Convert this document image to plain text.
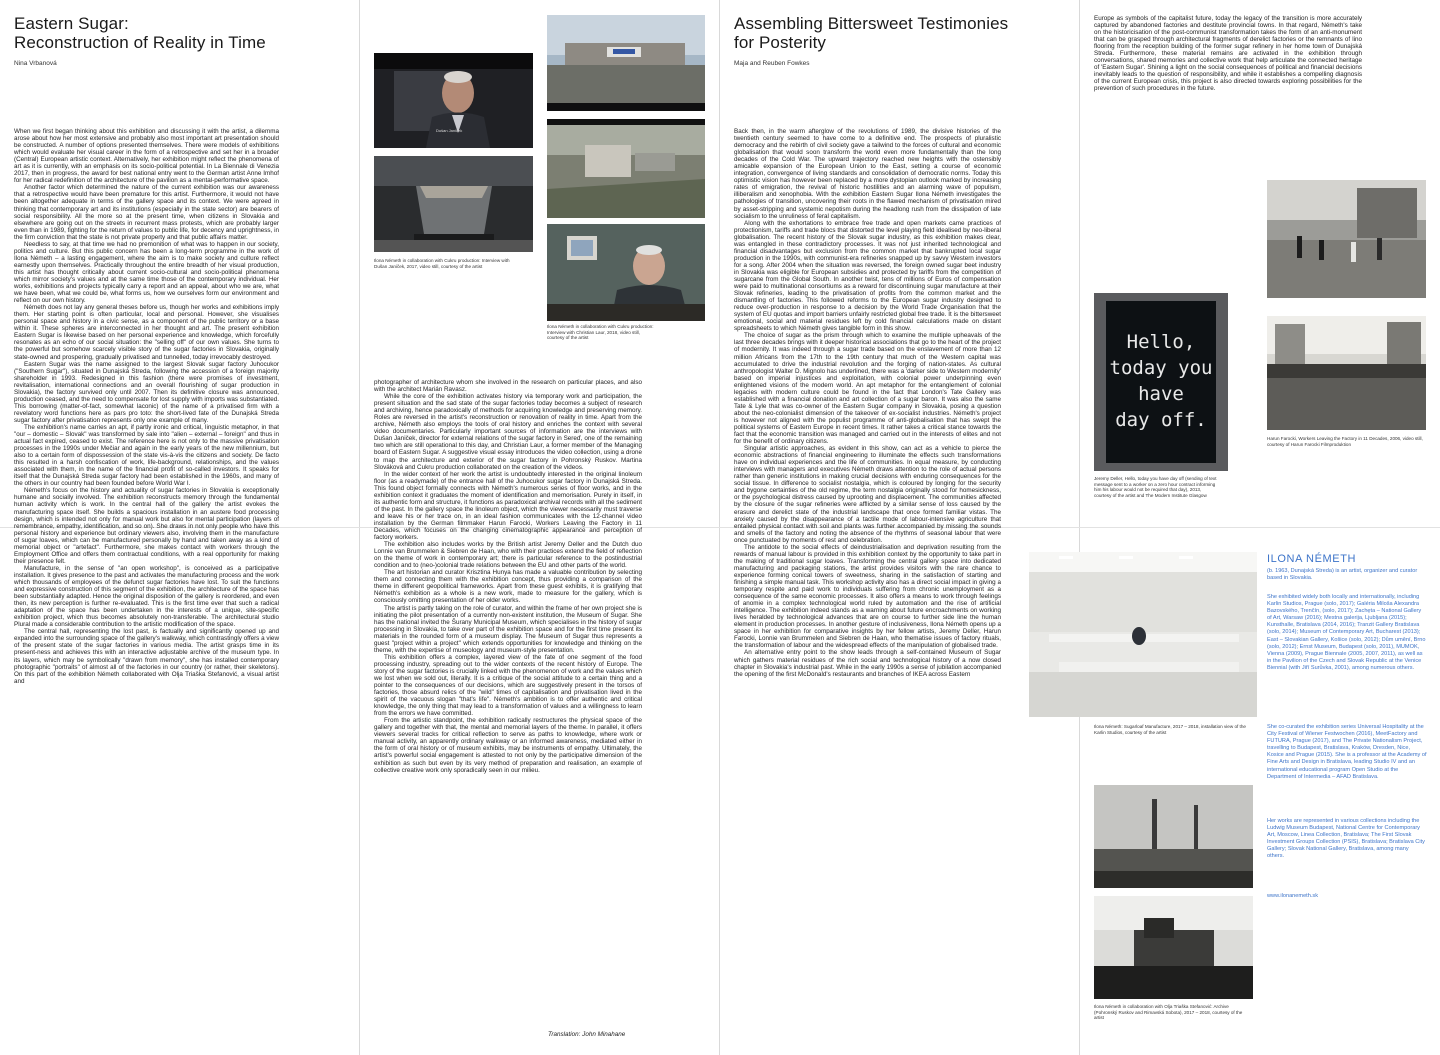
Eastern Sugar:
Reconstruction of Reality in Time
Nina Vrbanová

When we first began thinking about this exhibition and discussing it with the artist, a dilemma arose about how her most extensive and probably also most important art presentation should be constructed. A number of options presented themselves. There were models of exhibitions which would evaluate her visual career in the form of a retrospective and set her in a broader (Central) European artistic context. Alternatively, her exhibition might reflect the phenomena of art as it is currently, with an emphasis on its socio-political potential. In La Biennale di Venezia 2017, then in progress, the award for best national entry went to the German artist Anne Imhof for her radical redefinition of the architecture of the pavilion as a mental-performative space.

Another factor which determined the nature of the current exhibition was our awareness that a retrospective would have been premature for this artist. Furthermore, it would not have been altogether adequate in terms of the gallery space and its context. We were agreed in thinking that contemporary art and its institutions (especially in the state sector) are bearers of social responsibility. All the more so at the present time, when citizens in Slovakia and elsewhere are going out on the streets in recurrent mass protests, which are probably larger even than in 1989, fighting for the return of values to public life, for decency and uprightness, in the firm conviction that the state is not private property and that public affairs matter.

Needless to say, at that time we had no premonition of what was to happen in our society, politics and culture. But this public concern has been a long-term programme in the work of Ilona Németh – a lasting engagement, where the aim is to make society and culture reflect earnestly upon themselves. Practically throughout the entire breadth of her visual production, this artist has thought critically about current socio-cultural and socio-political phenomena which mirror society's values and at the same time those of the contemporary individual. Her works, exhibitions and projects typically carry a report and an appeal, about who we are, what we have been, what we could be, what forms us, how we ourselves form our environment and reflect on our own history.

Németh does not lay any general theses before us, though her works and exhibitions imply them. Her starting point is often particular, local and personal. However, she visualises personal space and history in a civic sense, as a component of the public territory or a base within it. These spheres are interconnected in her thought and art. The present exhibition Eastern Sugar is likewise based on her personal experience and knowledge, which forcefully resonates as an echo of our social situation: the "selling off" of our own values. She turns to the powerful but somehow scarcely visible story of the sugar factories in Slovakia, originally state-owned and prospering, gradually privatised and tunnelled, today irrevocably destroyed.

Eastern Sugar was the name assigned to the largest Slovak sugar factory Juhocukor ("Southern Sugar"), situated in Dunajská Streda, following the accession of a foreign majority shareholder in 1993. Redesigned in this fashion (there were promises of investment, revitalisation, international connections and an overall flourishing of sugar production in Slovakia), the factory survived only until 2007. Then its definitive closure was announced, production ceased, and the need to compensate for lost supply with imports was substantiated. This borrowing (matter-of-fact, somewhat laconic) of the name of a privatised firm with a revelatory word functions here as pars pro toto: the short-lived fate of the Dunajská Streda sugar factory after privatisation represents only one example of many.

The exhibition's name carries an apt, if partly ironic and critical, linguistic metaphor, in that "our – domestic – Slovak" was transformed by sale into "alien – external – foreign" and thus in actual fact expired, ceased to exist. The reference here is not only to the massive privatisation processes in the 1990s under Mečiar and again in the early years of the new millennium, but also to a certain form of dispossession of the state vis-à-vis the citizens and society. De facto this resulted in a harsh confiscation of work, life-background, relationships, and the values associated with them, in the name of the financial profit of so-called investors. It speaks for itself that the Dunajská Streda sugar factory had been established in the 1960s, and many of the others in our country had been founded before World War I.

Németh's focus on the history and actuality of sugar factories in Slovakia is exceptionally humane and socially involved. The exhibition reconstructs memory through the fundamental human activity which is work. In the central hall of the gallery the artist evokes the manufacturing space itself. She builds a spacious installation in an austere food processing design, which is intended not only for manual work but also for mental participation (layers of remembrance, empathy, identification, and so on). She draws in not only people who have this personal history and experience but ordinary viewers also, involving them in the manufacture of sugar loaves, which can be manufactured personally by hand and taken away as a kind of memorial object or "artefact". Furthermore, she makes contact with workers through the Employment Office and offers them contractual conditions, with a real opportunity for making their presence felt.

Manufacture, in the sense of "an open workshop", is conceived as a participative installation. It gives presence to the past and activates the manufacturing process and the work which thousands of employees of the defunct sugar factories have lost. To suit the functions and expressive construction of this segment of the exhibition, the architecture of the space has been substantially adapted. Hence the original disposition of the gallery is reordered, and even then, its new perception is further re-evaluated. This is the first time ever that such a radical adaptation of the space has been undertaken in the interests of a unique, site-specific exhibition project, which thus becomes absolutely non-transferable. The architectural studio Plural made a considerable contribution to the artistic modification of the space.

The central hall, representing the lost past, is factually and significantly opened up and expanded into the surrounding space of the gallery's walkway, which contrastingly offers a view of the present state of the sugar factories in various media. The artist grasps time in its present-ness and achieves this with an interactive adjustable archive of the museum type. In its layers, which may be symbolically "drawn from memory", she has installed contemporary photographic "portraits" of almost all of the factories in our country (or rather, their skeletons). On this part of the exhibition Németh collaborated with Olja Triaška Stefanović, a visual artist and

Dušan Janiček
Ilona Németh in collaboration with Cukru production: Interview with Dušan Janiček, 2017, video still, courtesy of the artist
Ilona Németh in collaboration with Cukru production: Interview with Christian Laur, 2018, video still, courtesy of the artist

photographer of architecture whom she involved in the research on particular places, and also with the architect Marián Ravasz.

While the core of the exhibition activates history via temporary work and participation, the present situation and the sad state of the sugar factories today becomes a subject of research and archiving, hence paradoxically of methods for acquiring knowledge and preserving memory. Roles are reversed in the artist's reconstruction or renovation of reality in time. Apart from the archive, Németh also employs the tools of oral history and enriches the context with several video documentaries. Particularly important sources of information are the interviews with Dušan Janiček, director for external relations of the sugar factory in Sereď, one of the remaining two which are still operational to this day, and Christian Laur, a former member of the Managing board of Eastern Sugar. A suggestive visual essay introduces the video collection, using a drone to map the architecture and exterior of the sugar factory in Pohronský Ruskov. Martina Slováková and Cukru production collaborated on the creation of the videos.

In the wider context of her work the artist is undoubtedly interested in the original linoleum floor (as a readymade) of the entrance hall of the Juhocukor sugar factory in Dunajská Streda. This found object formally connects with Németh's numerous series of floor works, and in the exhibition context it graduates the moment of identification and memorisation. Purely in itself, in its authentic form and structure, it functions as paradoxical archival records with all the sediment of the past. In the gallery space the linoleum object, which the viewer necessarily must traverse and leave his or her trace on, in an ideal fashion communicates with the 12-channel video installation by the German filmmaker Harun Farocki, Workers Leaving the Factory in 11 Decades, which focuses on the changing cinematographic appearance and perception of factory workers.

The exhibition also includes works by the British artist Jeremy Deller and the Dutch duo Lonnie van Brummelen & Siebren de Haan, who with their practices extend the field of reflection on the theme of work in contemporary art; there is particular reference to the postindustrial condition and to (neo-)colonial trade relations between the EU and other parts of the world.

The art historian and curator Krisztina Hunya has made a valuable contribution by selecting them and connecting them with the exhibition concept, thus providing a comparison of the theme in different geopolitical frameworks. Apart from these guest exhibits, it is gratifying that Németh's exhibition as a whole is a new work, made to measure for the gallery, which is consciously omitting presentation of her older works.

The artist is partly taking on the role of curator, and within the frame of her own project she is initiating the pilot presentation of a currently non-existent institution, the Museum of Sugar. She has the national invited the Šurany Municipal Museum, which specialises in the history of sugar processing in Slovakia, to take over part of the exhibition space and for the first time present its materials in the rounded form of a museum display. The Museum of Sugar thus represents a guest "project within a project" which extends opportunities for knowledge and thinking on the theme, with the expertise of museology and museum-style presentation.

This exhibition offers a complex, layered view of the fate of one segment of the food processing industry, spreading out to the wider contexts of the recent history of Europe. The story of the sugar factories is crucially linked with the phenomenon of work and the values which we lost when we sold out, literally. It is a critique of the social attitude to a certain thing and a pointer to the consequences of our decisions, which are suggestively present in the torsos of factories, those absurd relics of the "wild" times of capitalisation and privatisation lived in the spirit of the vacuous slogan "that's life". Németh's ambition is to offer authentic and critical knowledge, the only thing that may lead to a transformation of values and a willingness to learn from the errors we have committed.

From the artistic standpoint, the exhibition radically restructures the physical space of the gallery and together with that, the mental and memorial layers of the theme. In parallel, it offers viewers several tracks for critical reflection to serve as paths to knowledge, where work or manual activity, an apparently ordinary walkway or an informed awareness, mediated either in the form of oral history or of museum exhibits, may be instruments of empathy. Ultimately, the artist's powerful social engagement is attested to not only by the participative dimension of the exhibition as such but even by its very method of preparation and realisation, an example of collective creative work only sporadically seen in our milieu.

Translation: John Minahane
Assembling Bittersweet Testimonies
for Posterity
Maja and Reuben Fowkes

Back then, in the warm afterglow of the revolutions of 1989, the divisive histories of the twentieth century seemed to have come to a definitive end. The prospects of pluralistic democracy and the rebirth of civil society gave a tailwind to the forces of cultural and economic globalisation that would soon transform the world even more fundamentally than the long decades of the Cold War. The upward trajectory reached new heights with the ostensibly amicable expansion of the European Union to the East, setting a course of economic integration, convergence of living standards and consolidation of democratic norms. Today this optimistic vision has however been replaced by a more dystopian outlook marked by increasing rates of emigration, the revival of historic hostilities and an alarming wave of populism, illiberalism and xenophobia. With the exhibition Eastern Sugar Ilona Németh investigates the pathologies of transition, uncovering their roots in the flawed mechanism of privatisation mired by asset-stripping and systemic nepotism during the headlong rush from the dissipation of late socialism to the unruliness of feral capitalism.

Along with the exhortations to embrace free trade and open markets came practices of protectionism, tariffs and trade blocs that distorted the level playing field idealised by neo-liberal globalisation. The recent history of the Slovak sugar industry, as this exhibition makes clear, was entangled in these contradictory processes. It was not just inherited technological and financial disadvantages but exclusion from the common market that bankrupted local sugar production in the 1990s, with communist-era refineries snapped up by savvy Western investors for a song. After 2004 when the situation was reversed, the foreign owned sugar beet industry in Slovakia was eligible for European subsidies and protected by tariffs from the competition of sugarcane from the Global South. In another twist, tens of millions of Euros of compensation were paid to multinational consortiums as a reward for discontinuing sugar manufacture at their Slovak refineries, leading to the privatisation of profits from the common market and the dismantling of factories. This followed reforms to the European sugar industry designed to reduce over-production in response to a decision by the World Trade Organisation that the system of EU quotas and import barriers unfairly restricted global free trade. It is the bittersweet emotional, social and material residues left by cold financial calculations made on distant spreadsheets to which Németh gives tangible form in this show.

The choice of sugar as the prism through which to examine the multiple upheavals of the last three decades brings with it deeper historical associations that go to the heart of the project of modernity. It was indeed through a sugar trade based on the enslavement of more than 12 million Africans from the 17th to the 19th century that much of the Western capital was accumulated to drive the industrial revolution and the forging of nation-states. As cultural anthropologist Walter D. Mignolo has underlined, there was a 'darker side to Western modernity' based on imperial injustices and exploitation, with colonial power underpinning even enlightened visions of the modern world. An apt metaphor for the entanglement of colonial legacies with modern culture could be found in the fact that London's Tate Gallery was established with a financial donation and art collection of a sugar baron. It was also the same Tate & Lyle that was co-owner of the Eastern Sugar company in Slovakia, posing a question about the neo-colonialist dimension of the takeover of ex-socialist industries. Németh's project is however not aligned with the populist programme of anti-globalisation that has swept the political systems of Eastern Europe in recent times. It rather takes a critical stance towards the fact that the economic transition was managed and carried out in the interests of elites and not for the benefit of ordinary citizens.

Singular artistic approaches, as evident in this show, can act as a vehicle to pierce the economic abstractions of financial engineering to illuminate the effects such transformations have on individual experiences and the life of communities. In equal measure, by conducting interviews with managers and executives Németh draws attention to the role of actual persons rather than generic institutions in making crucial decisions with enduring consequences for the social tissue. In difference to socialist nostalgia, which is coloured by longing for the security and bygone certainties of the old regime, the term nostalgia originally stood for homesickness, or the psychological distress caused by uprooting and displacement. The communities affected by the closure of the sugar refineries were afflicted by a similar sense of loss caused by the erasure and derelict state of the industrial landscape that once formed familiar vistas. The anxiety caused by the disappearance of a tactile mode of labour-intensive agriculture that entailed physical contact with soil and plants was further accompanied by missing the sounds and smells of the factory and noting the absence of the rhythms of seasonal labour that were once punctuated by moments of rest and celebration.

The antidote to the social effects of deindustrialisation and deprivation resulting from the rewards of manual labour is provided in this exhibition context by the opportunity to take part in the making of traditional sugar loaves. Transforming the central gallery space into dedicated manufacturing and packaging stations, the artist provides visitors with the rare chance to experience forming conical towers of sweetness, sharing in the satisfaction of starting and finishing a simple manual task. This workshop activity also has a direct social impact in giving a temporary respite and paid work to individuals suffering from chronic unemployment as a consequence of the same economic processes. It also offers a means to work through feelings of anomie in a complex technological world ruled by automation and the rise of artificial intelligence. The exhibition indeed stands as a warning about future encroachments on working lives heralded by technological advances that are on course to further side line the human element in production processes. In another gesture of inclusiveness, Ilona Németh opens up a space in her exhibition for comparative insights by her fellow artists, Jeremy Deller, Harun Farocki, Lonnie van Brummelen and Siebren de Haan, who thematise issues of factory rituals, the transformation of labour and the widespread effects of the manipulation of globalised trade.

An alternative entry point to the show leads through a self-contained Museum of Sugar which gathers material residues of the rich social and technological history of a now closed chapter in Slovakia's industrial past. While in the early 1990s a sense of jubilation accompanied the opening of the first McDonald's restaurants and branches of IKEA across Eastern

Europe as symbols of the capitalist future, today the legacy of the transition is more accurately captured by abandoned factories and destitute provincial towns. In that regard, Németh's take on the historicisation of the post-communist transformation takes the form of an anti-monument that can be grasped through architectural fragments of derelict factories or the remnants of lino flooring from the reception building of the former sugar refinery in her home town of Dunajská Streda. Furthermore, these material remains are activated in the exhibition through conversations, shared memories and collective work that help articulate the connected heritage of 'Eastern Sugar'. Shining a light on the social consequences of political and financial decisions inevitably leads to the question of responsibility, and while it establishes a compelling diagnosis of the current European crisis, this project is also directed towards exploring possibilities for the prevention of such procedures in the future.

Hello,
today you
have
day off.
Jeremy Deller, Hello, today you have day off (sending of text message sent to a worker on a zero hour contract informing him his labour would not be required that day), 2013, courtesy of the artist and The Modern Institute Glasgow
Harun Farocki, Workers Leaving the Factory in 11 Decades, 2006, video still, courtesy of Harun Farocki Filmproduktion
Ilona Németh: Sugarloaf Manufacture, 2017 – 2018, installation view of the Karlin Studios, courtesy of the artist
Ilona Németh in collaboration with Olja Triaška Stefanović: Archive (Pohronský Ruskov and Rimavská Sobota), 2017 – 2018, courtesy of the artist
ILONA NÉMETH
(b. 1963, Dunajská Streda) is an artist, organizer and curator based in Slovakia.
She exhibited widely both locally and internationally, including Karlin Studios, Prague (solo, 2017); Galéria Miloša Alexandra Bazovského, Trenčín, (solo, 2017); Zachęta – National Gallery of Art, Warsaw (2016); Mestna galerija, Ljubljana (2015); Kunsthalle, Bratislava (2014, 2016); Tranzit Gallery Bratislava (solo, 2014); Museum of Contemporary Art, Bucharest (2013); East – Slovakian Gallery, Košice (solo, 2012); Dům umění, Brno (solo, 2012); Ernst Museum, Budapest (solo, 2011), MUMOK, Vienna (2009), Prague Biennale (2005, 2007, 2011), as well as in the Pavilion of the Czech and Slovak Republic at the Venice Biennial (with Jiří Surůvka, 2001), among numerous others.
She co-curated the exhibition series Universal Hospitality at the City Festival of Wiener Festwochen (2016), MeetFactory and FUTURA, Prague (2017), and The Private Nationalism Project, travelling to Budapest, Bratislava, Kraków, Dresden, Nice, Kosice and Prague (2015). She is a professor at the Academy of Fine Arts and Design in Bratislava, leading Studio IV and an international educational program Open Studio at the Department of Intermedia – AFAD Bratislava.
Her works are represented in various collections including the Ludwig Museum Budapest, National Centre for Contemporary Art, Moscow, Linea Collection, Bratislava; The First Slovak Investment Groups Collection (PSIS), Bratislava; Bratislava City Gallery; Slovak National Gallery, Bratislava, among many others.
www.ilonanemeth.sk
